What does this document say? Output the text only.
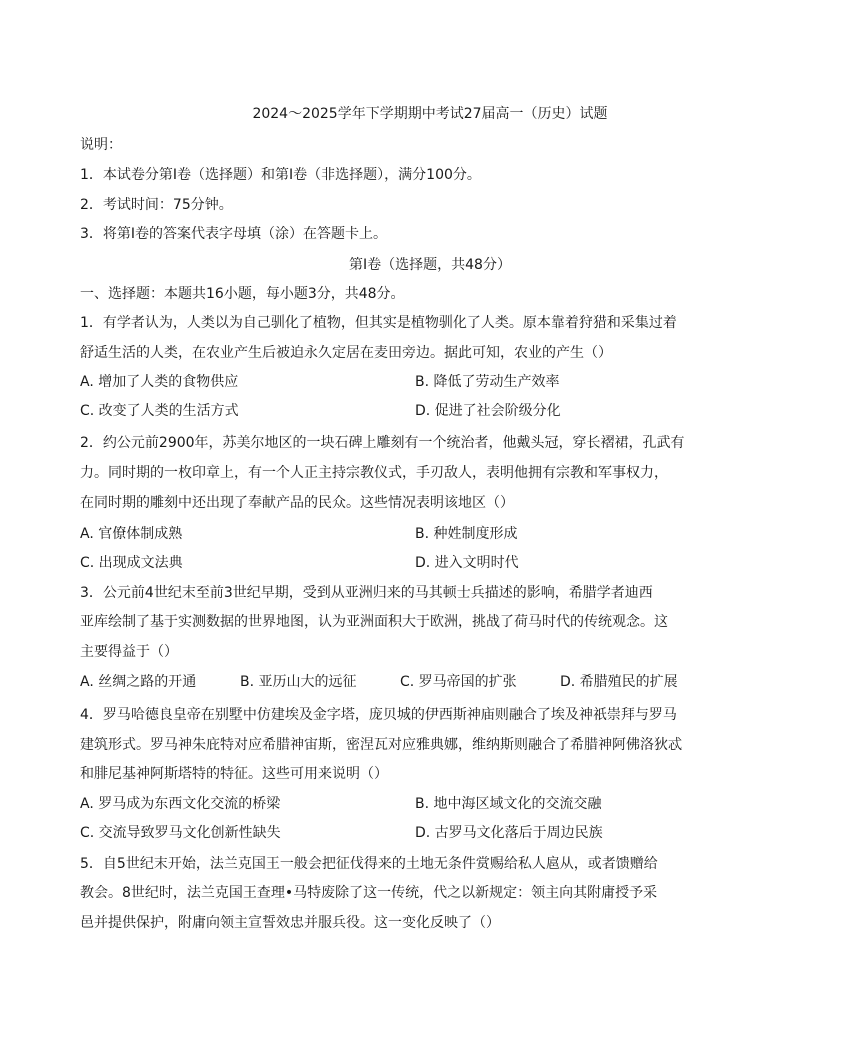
2024～2025学年下学期期中考试27届高一（历史）试题
说明：
1．本试卷分第I卷（选择题）和第I卷（非选择题），满分100分。
2．考试时间：75分钟。
3．将第I卷的答案代表字母填（涂）在答题卡上。
第I卷（选择题，共48分）
一、选择题：本题共16小题，每小题3分，共48分。
1．有学者认为，人类以为自己驯化了植物，但其实是植物驯化了人类。原本靠着狩猎和采集过着
舒适生活的人类，在农业产生后被迫永久定居在麦田旁边。据此可知，农业的产生（）
A. 增加了人类的食物供应	B. 降低了劳动生产效率
C. 改变了人类的生活方式	D. 促进了社会阶级分化
2．约公元前2900年，苏美尔地区的一块石碑上雕刻有一个统治者，他戴头冠，穿长褶裙，孔武有
力。同时期的一枚印章上，有一个人正主持宗教仪式，手刃敌人，表明他拥有宗教和军事权力，
在同时期的雕刻中还出现了奉献产品的民众。这些情况表明该地区（）
A. 官僚体制成熟	B. 种姓制度形成
C. 出现成文法典	D. 进入文明时代
3．公元前4世纪末至前3世纪早期，受到从亚洲归来的马其顿士兵描述的影响，希腊学者迪西
亚库绘制了基于实测数据的世界地图，认为亚洲面积大于欧洲，挑战了荷马时代的传统观念。这
主要得益于（）
A. 丝绸之路的开通	B. 亚历山大的远征	C. 罗马帝国的扩张	D. 希腊殖民的扩展
4．罗马哈德良皇帝在别墅中仿建埃及金字塔，庞贝城的伊西斯神庙则融合了埃及神祇崇拜与罗马
建筑形式。罗马神朱庇特对应希腊神宙斯，密涅瓦对应雅典娜，维纳斯则融合了希腊神阿佛洛狄忒
和腓尼基神阿斯塔特的特征。这些可用来说明（）
A. 罗马成为东西文化交流的桥梁	B. 地中海区域文化的交流交融
C. 交流导致罗马文化创新性缺失	D. 古罗马文化落后于周边民族
5．自5世纪末开始，法兰克国王一般会把征伐得来的土地无条件赏赐给私人扈从，或者馈赠给
教会。8世纪时，法兰克国王查理•马特废除了这一传统，代之以新规定：领主向其附庸授予采
邑并提供保护，附庸向领主宣誓效忠并服兵役。这一变化反映了（）
